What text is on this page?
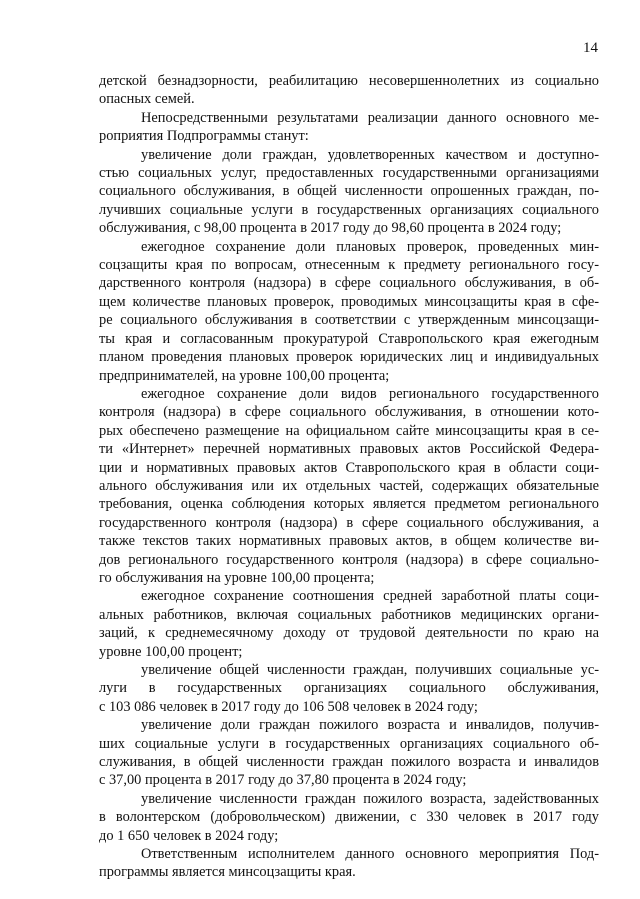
14

детской безнадзорности, реабилитацию несовершеннолетних из социально
опасных семей.

Непосредственными результатами реализации данного основного ме-
роприятия Подпрограммы станут:

увеличение доли граждан, удовлетворенных качеством и доступно-
стью социальных услуг, предоставленных государственными организациями
социального обслуживания, в общей численности опрошенных граждан, по-
лучивших социальные услуги в государственных организациях социального
обслуживания, с 98,00 процента в 2017 году до 98,60 процента в 2024 году;

ежегодное сохранение доли плановых проверок, проведенных мин-
соцзащиты края по вопросам, отнесенным к предмету регионального госу-
дарственного контроля (надзора) в сфере социального обслуживания, в об-
щем количестве плановых проверок, проводимых минсоцзащиты края в сфе-
ре социального обслуживания в соответствии с утвержденным минсоцзащи-
ты края и согласованным прокуратурой Ставропольского края ежегодным
планом проведения плановых проверок юридических лиц и индивидуальных
предпринимателей, на уровне 100,00 процента;

ежегодное сохранение доли видов регионального государственного
контроля (надзора) в сфере социального обслуживания, в отношении кото-
рых обеспечено размещение на официальном сайте минсоцзащиты края в се-
ти «Интернет» перечней нормативных правовых актов Российской Федера-
ции и нормативных правовых актов Ставропольского края в области соци-
ального обслуживания или их отдельных частей, содержащих обязательные
требования, оценка соблюдения которых является предметом регионального
государственного контроля (надзора) в сфере социального обслуживания, а
также текстов таких нормативных правовых актов, в общем количестве ви-
дов регионального государственного контроля (надзора) в сфере социально-
го обслуживания на уровне 100,00 процента;

ежегодное сохранение соотношения средней заработной платы соци-
альных работников, включая социальных работников медицинских органи-
заций, к среднемесячному доходу от трудовой деятельности по краю на
уровне 100,00 процент;

увеличение общей численности граждан, получивших социальные ус-
луги в государственных организациях социального обслуживания,
с 103 086 человек в 2017 году до 106 508 человек в 2024 году;

увеличение доли граждан пожилого возраста и инвалидов, получив-
ших социальные услуги в государственных организациях социального об-
служивания, в общей численности граждан пожилого возраста и инвалидов
с 37,00 процента в 2017 году до 37,80 процента в 2024 году;

увеличение численности граждан пожилого возраста, задействованных
в волонтерском (добровольческом) движении, с 330 человек в 2017 году
до 1 650 человек в 2024 году;

Ответственным исполнителем данного основного мероприятия Под-
программы является минсоцзащиты края.
